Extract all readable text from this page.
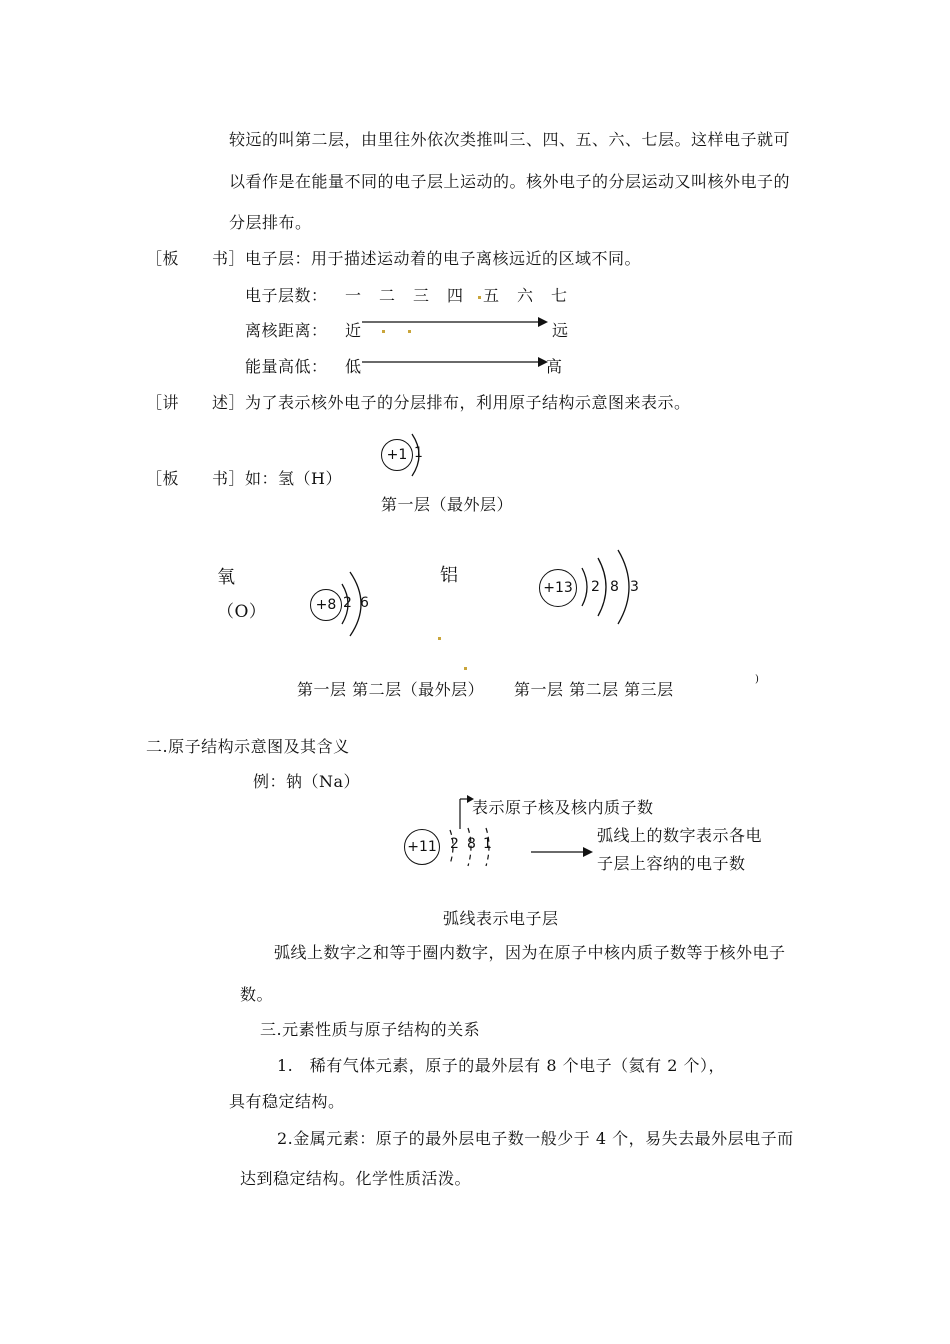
较远的叫第二层，由里往外依次类推叫三、四、五、六、七层。这样电子就可
以看作是在能量不同的电子层上运动的。核外电子的分层运动又叫核外电子的
分层排布。
［板　　书］ 电子层：用于描述运动着的电子离核远近的区域不同。
电子层数： 一 二 三 四 五 六 七
离核距离： 近	远
能量高低： 低	高
［讲　　述］ 为了表示核外电子的分层排布，利用原子结构示意图来表示。
［板　　书］ 如：氢（H）
+1 1
第一层（最外层）
氧
（O）	+8 2 6
铝
+13	2 8 3
第一层 第二层（最外层） 第一层 第二层 第三层
)
二.原子结构示意图及其含义
例：钠（Na）
+11 2 8 1
表示原子核及核内质子数
弧线上的数字表示各电
子层上容纳的电子数
弧线表示电子层
弧线上数字之和等于圈内数字，因为在原子中核内质子数等于核外电子
数。
三.元素性质与原子结构的关系
1.　稀有气体元素，原子的最外层有 8 个电子（氦有 2 个），
具有稳定结构。
2.金属元素：原子的最外层电子数一般少于 4 个，易失去最外层电子而
达到稳定结构。化学性质活泼。
